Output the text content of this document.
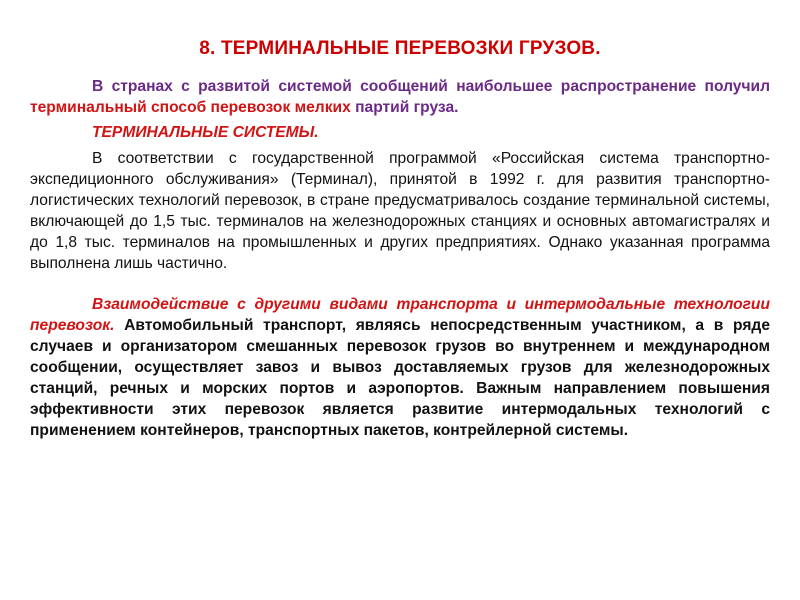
8. ТЕРМИНАЛЬНЫЕ ПЕРЕВОЗКИ ГРУЗОВ.

В странах с развитой системой сообщений наибольшее распространение получил терминальный способ перевозок мелких партий груза.

ТЕРМИНАЛЬНЫЕ СИСТЕМЫ.

В соответствии с государственной программой «Российская система транспортно-экспедиционного обслуживания» (Терминал), принятой в 1992 г. для развития транспортно-логистических технологий перевозок, в стране предусматривалось создание терминальной системы, включающей до 1,5 тыс. терминалов на железнодорожных станциях и основных автомагистралях и до 1,8 тыс. терминалов на промышленных и других предприятиях. Однако указанная программа выполнена лишь частично.

Взаимодействие с другими видами транспорта и интермодальные технологии перевозок. Автомобильный транспорт, являясь непосредственным участником, а в ряде случаев и организатором смешанных перевозок грузов во внутреннем и международном сообщении, осуществляет завоз и вывоз доставляемых грузов для железнодорожных станций, речных и морских портов и аэропортов. Важным направлением повышения эффективности этих перевозок является развитие интермодальных технологий с применением контейнеров, транспортных пакетов, контрейлерной системы.
